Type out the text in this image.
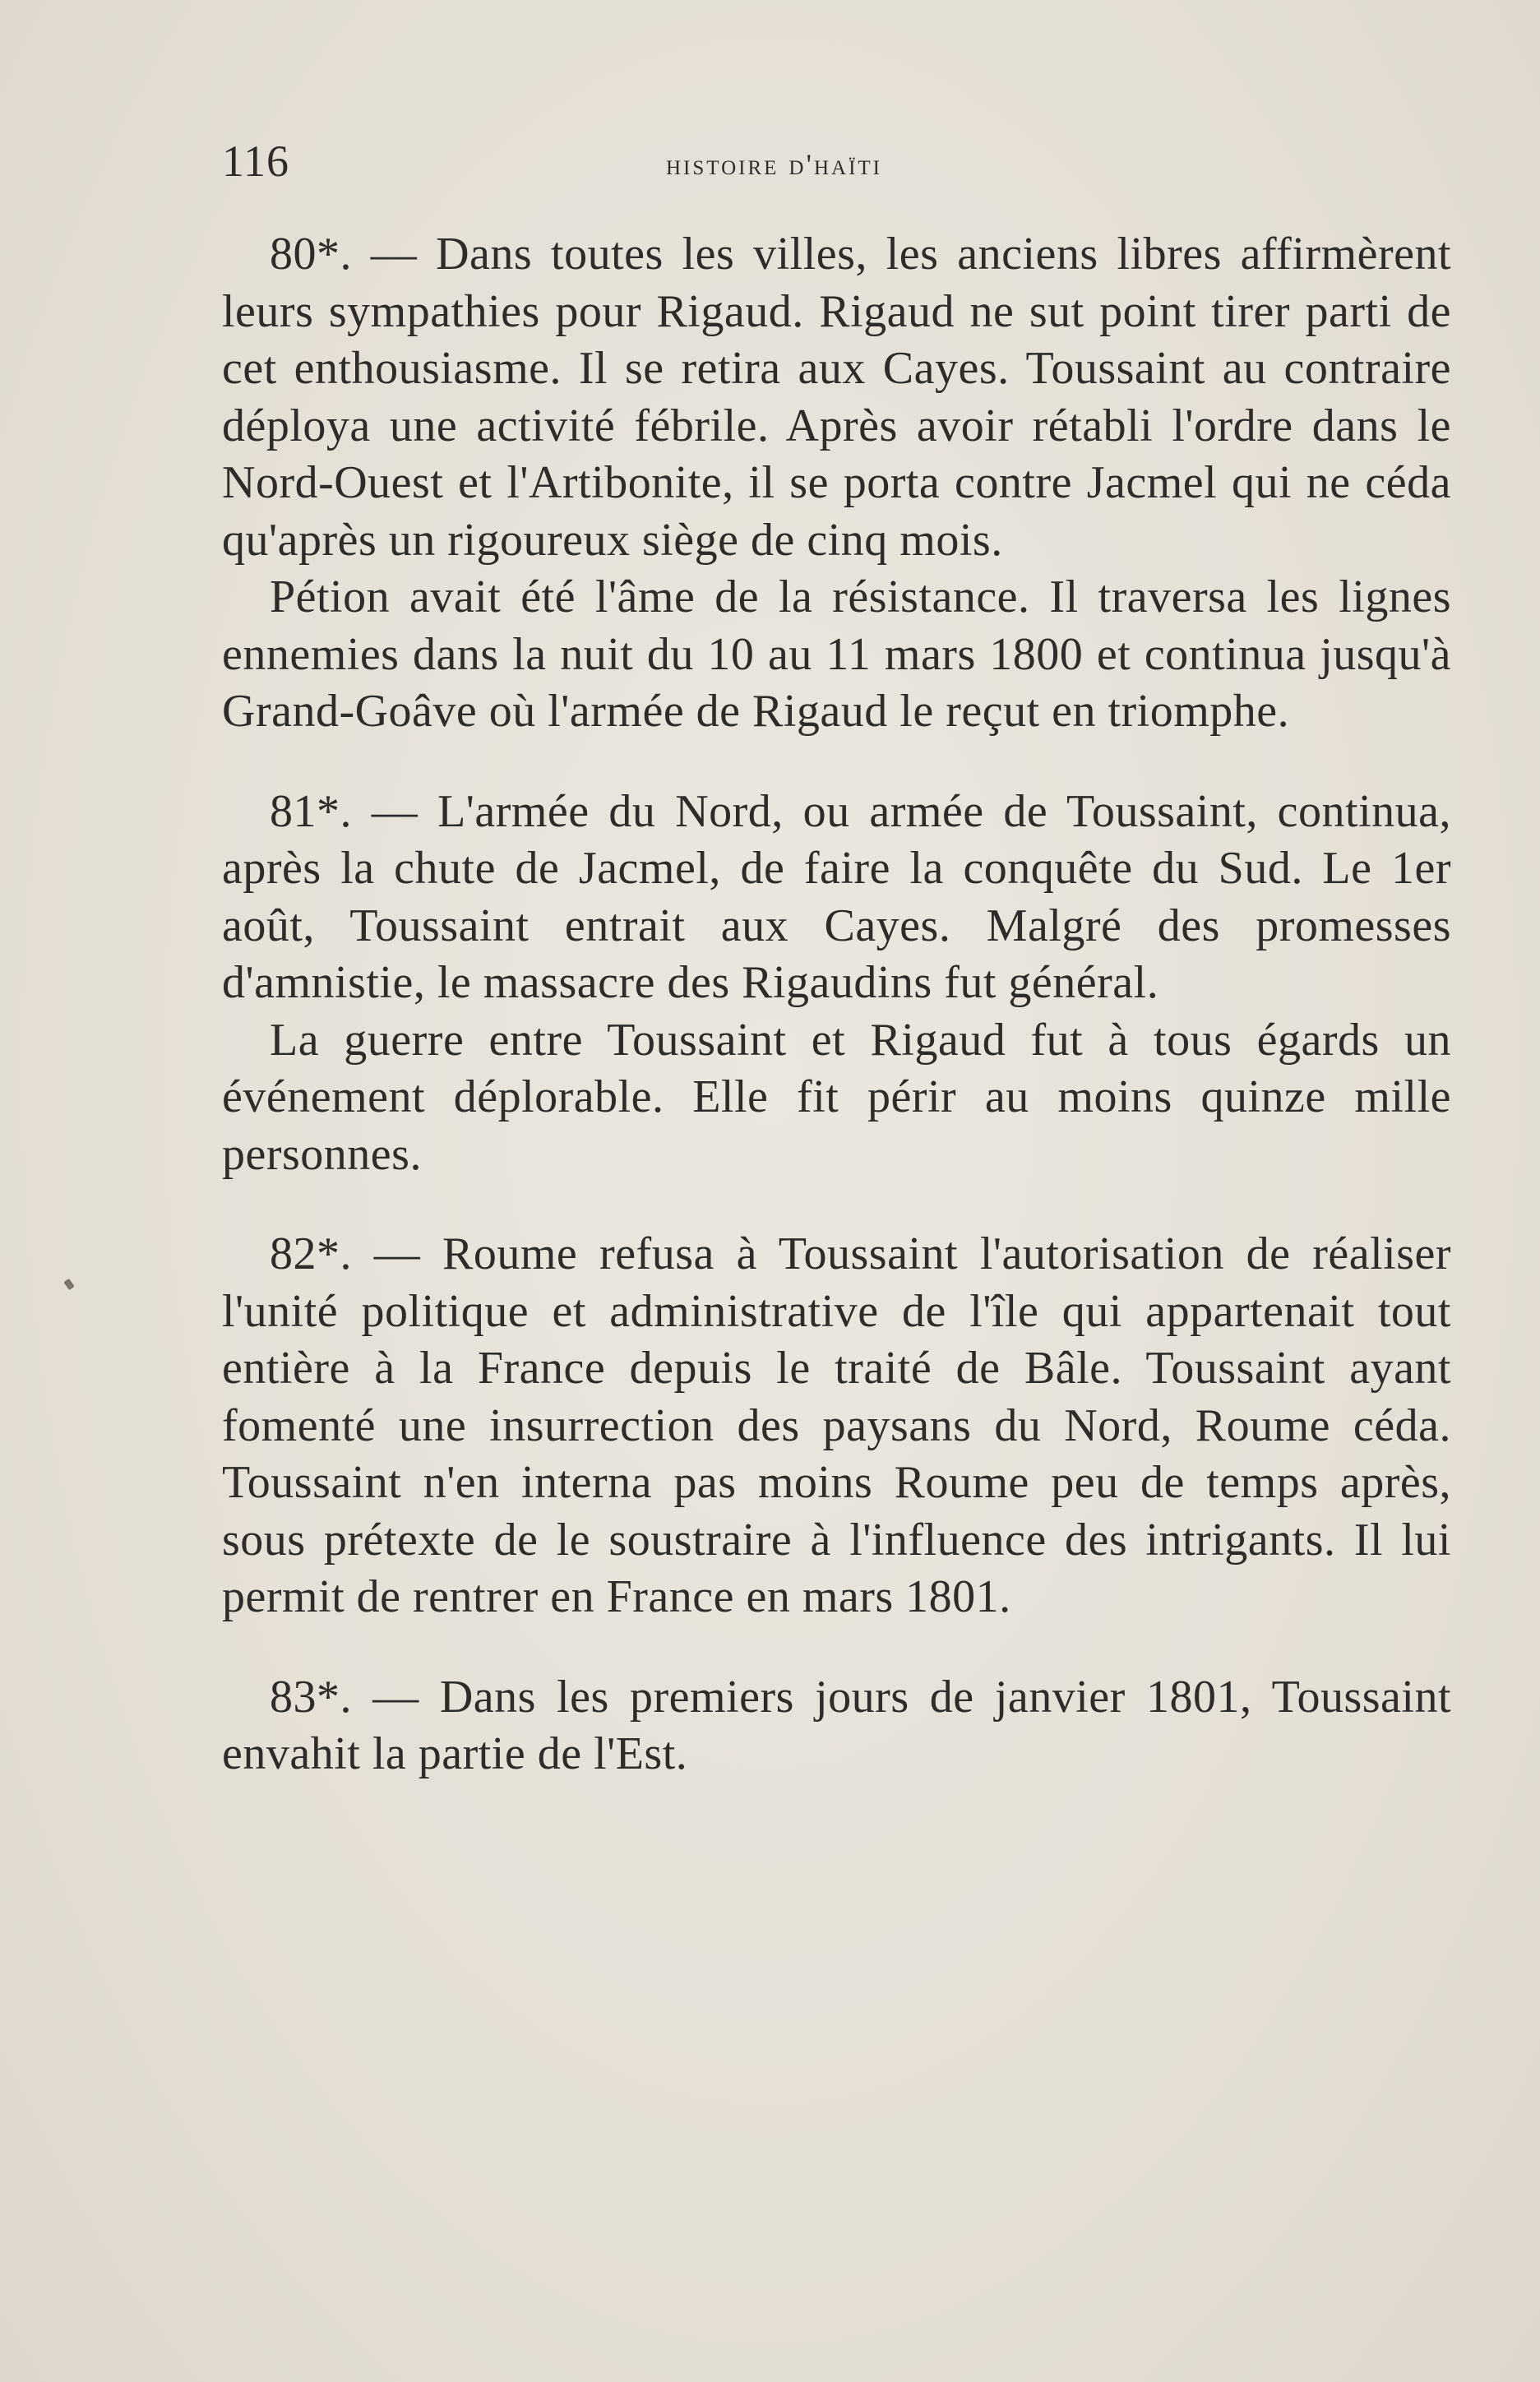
116	histoire d'haïti

80*. — Dans toutes les villes, les anciens libres affirmèrent leurs sympathies pour Rigaud. Rigaud ne sut point tirer parti de cet enthousiasme. Il se retira aux Cayes. Toussaint au contraire déploya une activité fébrile. Après avoir rétabli l'ordre dans le Nord-Ouest et l'Artibonite, il se porta contre Jacmel qui ne céda qu'après un rigoureux siège de cinq mois.

Pétion avait été l'âme de la résistance. Il traversa les lignes ennemies dans la nuit du 10 au 11 mars 1800 et continua jusqu'à Grand-Goâve où l'armée de Rigaud le reçut en triomphe.

81*. — L'armée du Nord, ou armée de Toussaint, continua, après la chute de Jacmel, de faire la conquête du Sud. Le 1er août, Toussaint entrait aux Cayes. Malgré des promesses d'amnistie, le massacre des Rigaudins fut général.

La guerre entre Toussaint et Rigaud fut à tous égards un événement déplorable. Elle fit périr au moins quinze mille personnes.

82*. — Roume refusa à Toussaint l'autorisation de réaliser l'unité politique et administrative de l'île qui appartenait tout entière à la France depuis le traité de Bâle. Toussaint ayant fomenté une insurrection des paysans du Nord, Roume céda. Toussaint n'en interna pas moins Roume peu de temps après, sous prétexte de le soustraire à l'influence des intrigants. Il lui permit de rentrer en France en mars 1801.

83*. — Dans les premiers jours de janvier 1801, Toussaint envahit la partie de l'Est.
